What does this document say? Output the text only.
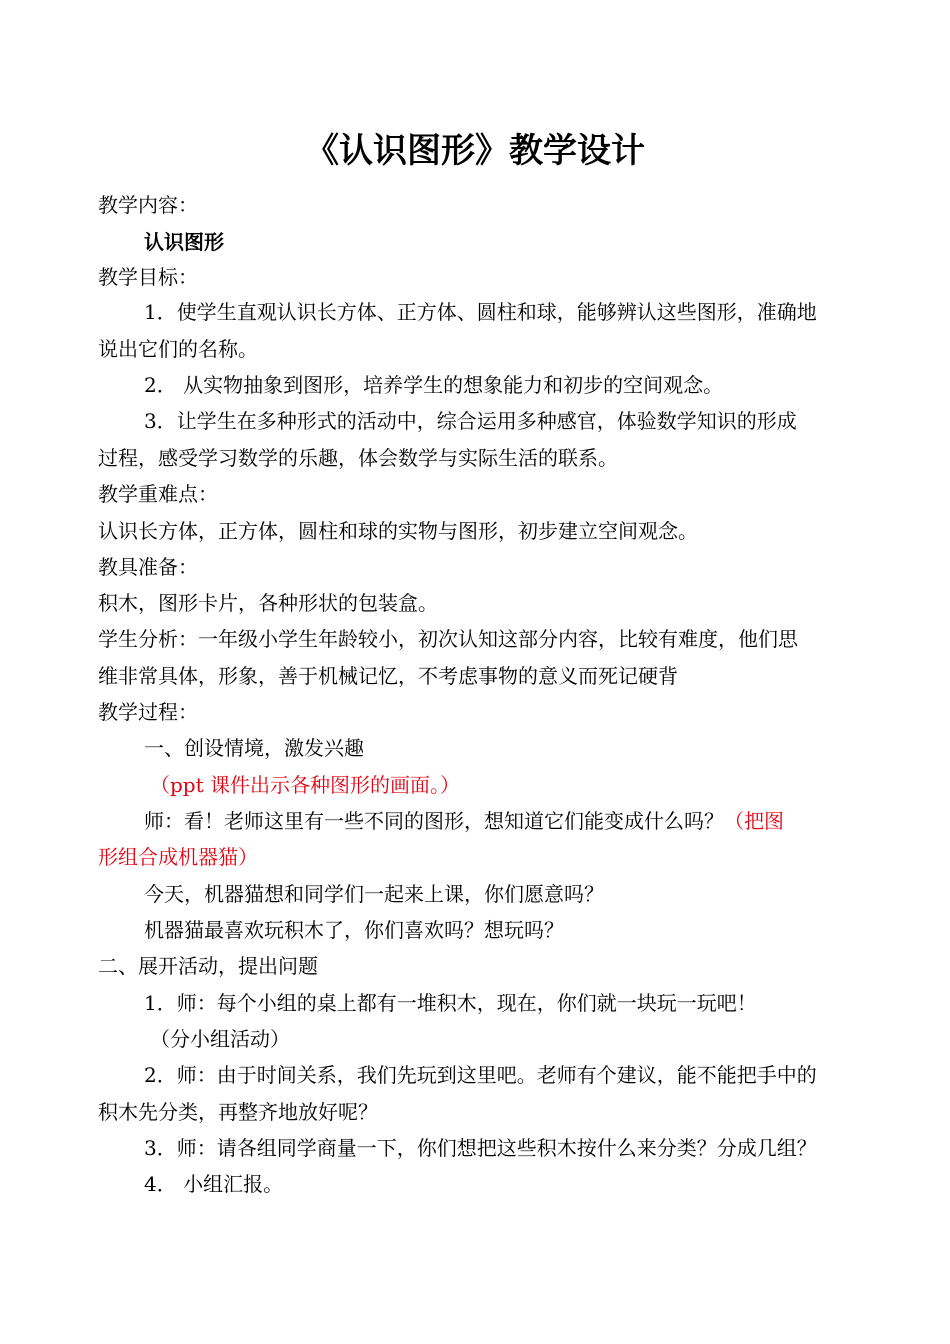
《认识图形》教学设计
教学内容：
认识图形
教学目标：
1．使学生直观认识长方体、正方体、圆柱和球，能够辨认这些图形，准确地
说出它们的名称。
2． 从实物抽象到图形，培养学生的想象能力和初步的空间观念。
3．让学生在多种形式的活动中，综合运用多种感官，体验数学知识的形成
过程，感受学习数学的乐趣，体会数学与实际生活的联系。
教学重难点：
认识长方体，正方体，圆柱和球的实物与图形，初步建立空间观念。
教具准备：
积木，图形卡片，各种形状的包装盒。
学生分析：一年级小学生年龄较小，初次认知这部分内容，比较有难度，他们思
维非常具体，形象，善于机械记忆，不考虑事物的意义而死记硬背
教学过程：
一、创设情境，激发兴趣
（ppt 课件出示各种图形的画面。）
师：看！老师这里有一些不同的图形，想知道它们能变成什么吗？（把图
形组合成机器猫）
今天，机器猫想和同学们一起来上课，你们愿意吗？
机器猫最喜欢玩积木了，你们喜欢吗？想玩吗？
二、展开活动，提出问题
1．师：每个小组的桌上都有一堆积木，现在，你们就一块玩一玩吧！
（分小组活动）
2．师：由于时间关系，我们先玩到这里吧。老师有个建议，能不能把手中的
积木先分类，再整齐地放好呢？
3．师：请各组同学商量一下，你们想把这些积木按什么来分类？分成几组？
4． 小组汇报。
